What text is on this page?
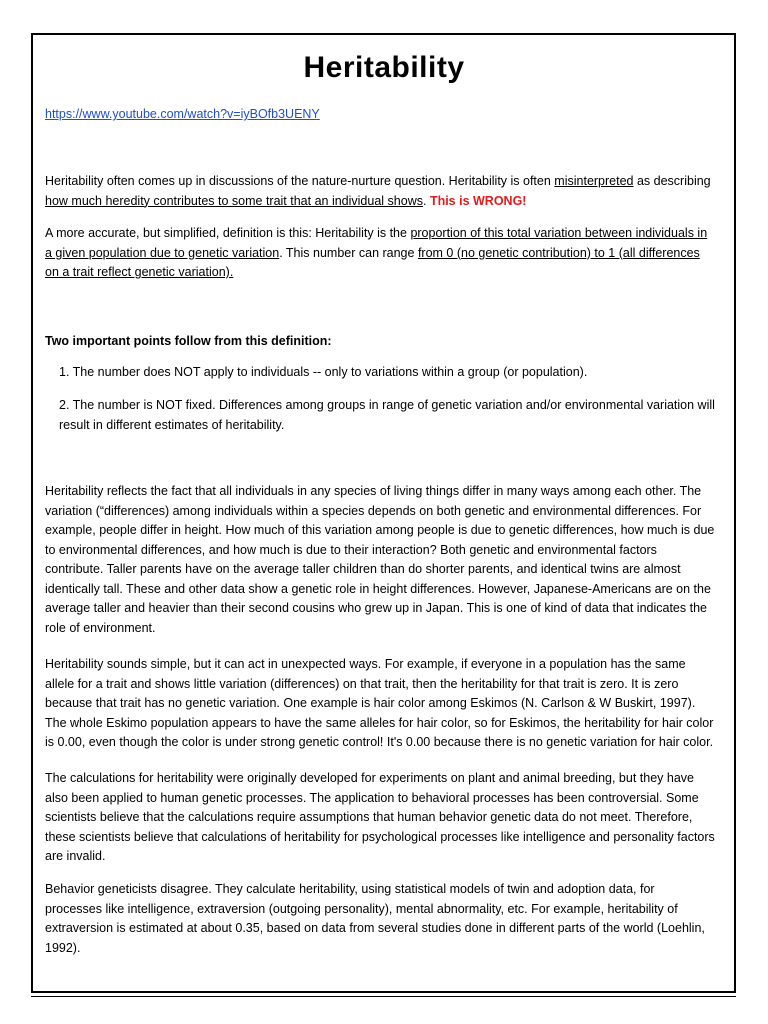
Heritability
https://www.youtube.com/watch?v=iyBOfb3UENY

Heritability often comes up in discussions of the nature-nurture question. Heritability is often misinterpreted as describing how much heredity contributes to some trait that an individual shows. This is WRONG!

A more accurate, but simplified, definition is this: Heritability is the proportion of this total variation between individuals in a given population due to genetic variation. This number can range from 0 (no genetic contribution) to 1 (all differences on a trait reflect genetic variation).

Two important points follow from this definition:

1. The number does NOT apply to individuals -- only to variations within a group (or population).

2. The number is NOT fixed. Differences among groups in range of genetic variation and/or environmental variation will result in different estimates of heritability.

Heritability reflects the fact that all individuals in any species of living things differ in many ways among each other. The variation (“differences) among individuals within a species depends on both genetic and environmental differences. For example, people differ in height. How much of this variation among people is due to genetic differences, how much is due to environmental differences, and how much is due to their interaction? Both genetic and environmental factors contribute. Taller parents have on the average taller children than do shorter parents, and identical twins are almost identically tall. These and other data show a genetic role in height differences. However, Japanese-Americans are on the average taller and heavier than their second cousins who grew up in Japan. This is one of kind of data that indicates the role of environment.

Heritability sounds simple, but it can act in unexpected ways. For example, if everyone in a population has the same allele for a trait and shows little variation (differences) on that trait, then the heritability for that trait is zero. It is zero because that trait has no genetic variation. One example is hair color among Eskimos (N. Carlson & W Buskirt, 1997). The whole Eskimo population appears to have the same alleles for hair color, so for Eskimos, the heritability for hair color is 0.00, even though the color is under strong genetic control! It's 0.00 because there is no genetic variation for hair color.

The calculations for heritability were originally developed for experiments on plant and animal breeding, but they have also been applied to human genetic processes. The application to behavioral processes has been controversial. Some scientists believe that the calculations require assumptions that human behavior genetic data do not meet. Therefore, these scientists believe that calculations of heritability for psychological processes like intelligence and personality factors are invalid.

Behavior geneticists disagree. They calculate heritability, using statistical models of twin and adoption data, for processes like intelligence, extraversion (outgoing personality), mental abnormality, etc. For example, heritability of extraversion is estimated at about 0.35, based on data from several studies done in different parts of the world (Loehlin, 1992).
